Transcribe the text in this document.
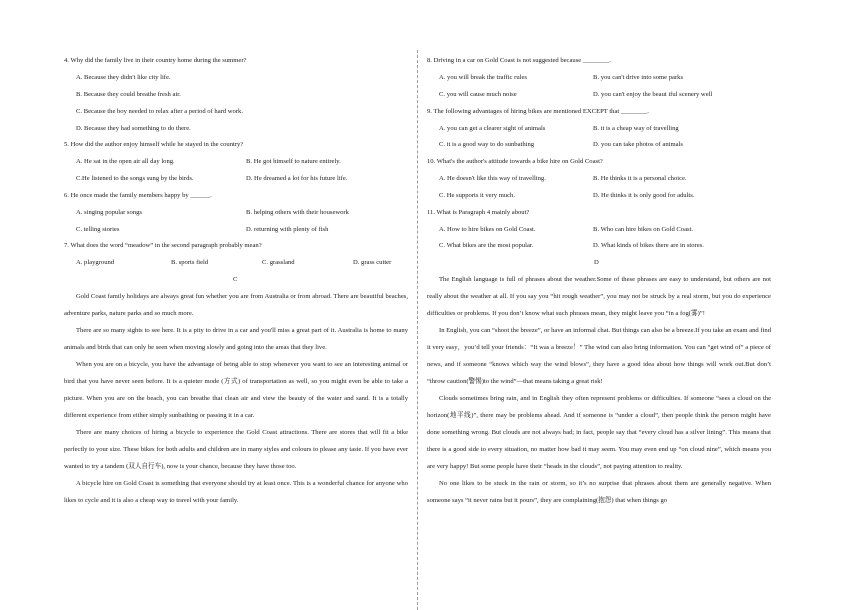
4. Why did the family live in their country home during the summer?
A. Because they didn't like city life.
B. Because they could breathe fresh air.
C. Because the boy needed to relax after a period of hard work.
D. Because they had something to do there.
5. How did the author enjoy himself while he stayed in the country?
A. He sat in the open air all day long.	B. He got himself to nature entirely.
C.He listened to the songs sung by the birds.	D. He dreamed a lot for his future life.
6. He once made the family members happy by ______.
A. singing popular songs	B. helping others with their housework
C. telling stories	D. returning with plenty of fish
7. What does the word “meadow” in the second paragraph probably mean?
A. playground	B. sports field	C. grassland	D. grass cutter
C

Gold Coast family holidays are always great fun whether you are from Australia or from abroad. There are beautiful beaches, adventure parks, nature parks and so much more.

There are so many sights to see here. It is a pity to drive in a car and you'll miss a great part of it. Australia is home to many animals and birds that can only be seen when moving slowly and going into the areas that they live.

When you are on a bicycle, you have the advantage of being able to stop whenever you want to see an interesting animal or bird that you have never seen before. It is a quieter mode (方式) of transportation as well, so you might even be able to take a picture. When you are on the beach, you can breathe that clean air and view the beauty of the water and sand. It is a totally different experience from either simply sunbathing or passing it in a car.

There are many choices of hiring a bicycle to experience the Gold Coast attractions. There are stores that will fit a bike perfectly to your size. These bikes for both adults and children are in many styles and colours to please any taste. If you have ever wanted to try a tandem (双人自行车), now is your chance, because they have those too.

A bicycle hire on Gold Coast is something that everyone should try at least once. This is a wonderful chance for anyone who likes to cycle and it is also a cheap way to travel with your family.

8. Driving in a car on Gold Coast is not suggested because ________.
A. you will break the traffic rules	B. you can't drive into some parks
C. you will cause much noise	D. you can't enjoy the beaut iful scenery well
9. The following advantages of hiring bikes are mentioned EXCEPT that ________.
A. you can get a clearer sight of animals	B. it is a cheap way of travelling
C. it is a good way to do sunbathing	D. you can take photos of animals
10. What's the author's attitude towards a bike hire on Gold Coast?
A. He doesn't like this way of travelling.	B. He thinks it is a personal choice.
C. He supports it very much.	D. He thinks it is only good for adults.
11. What is Paragraph 4 mainly about?
A. How to hire bikes on Gold Coast.	B. Who can hire bikes on Gold Coast.
C. What bikes are the most popular.	D. What kinds of bikes there are in stores.
D

The English language is full of phrases about the weather.Some of these phrases are easy to understand, but others are not really about the weather at all. If you say you “hit rough weather”, you may not be struck by a real storm, but you do experience difficulties or problems. If you don’t know what such phrases mean, they might leave you “in a fog(雾)”!

In English, you can “shoot the breeze”, or have an informal chat. But things can also be a breeze.If you take an exam and find it very easy，you’d tell your friends：“It was a breeze！” The wind can also bring information. You can “get wind of” a piece of news, and if someone “knows which way the wind blows”, they have a good idea about how things will work out.But don’t “throw caution(警惕)to the wind”—that means taking a great risk!

Clouds sometimes bring rain, and in English they often represent problems or difficulties. If someone “sees a cloud on the horizon(地平线)”, there may be problems ahead. And if someone is “under a cloud”, then people think the person might have done something wrong. But clouds are not always bad; in fact, people say that “every cloud has a silver lining”. This means that there is a good side to every situation, no matter how bad it may seem. You may even end up “on cloud nine”, which means you are very happy! But some people have their “heads in the clouds”, not paying attention to reality.

No one likes to be stuck in the rain or storm, so it’s no surprise that phrases about them are generally negative. When someone says “it never rains but it pours”, they are complaining(抱怨) that when things go
